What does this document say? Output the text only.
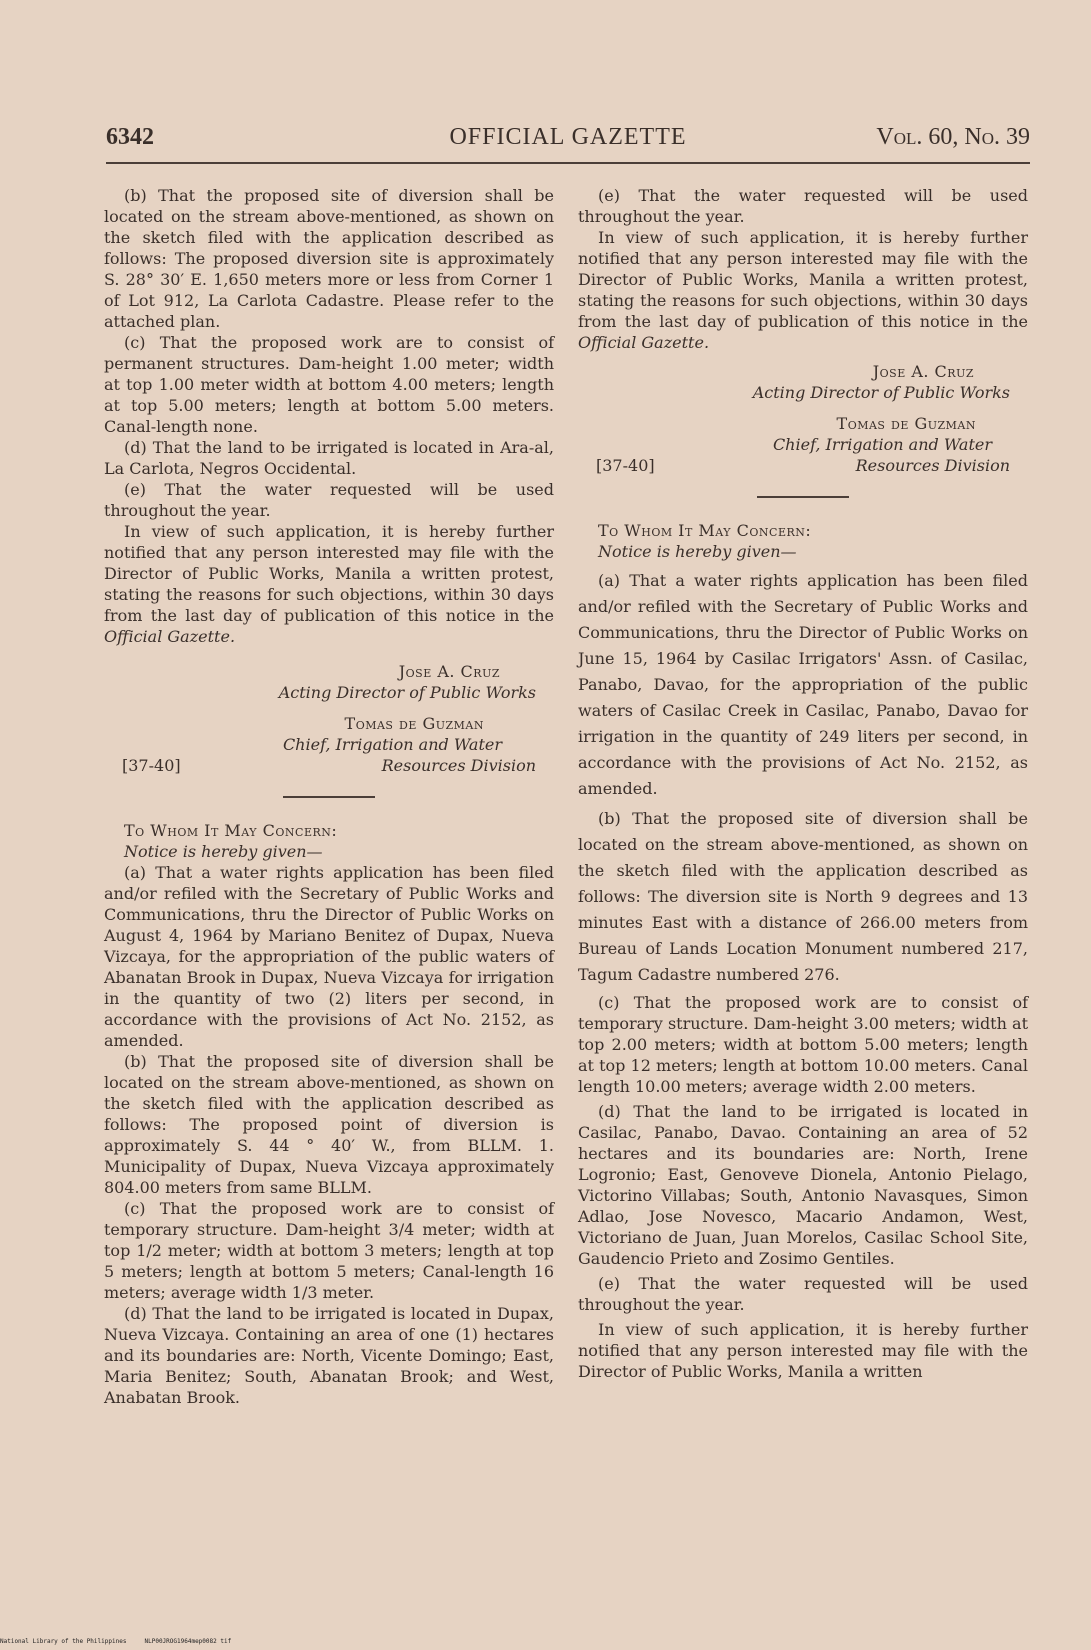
6342	OFFICIAL GAZETTE	Vol. 60, No. 39

(b) That the proposed site of diversion shall be located on the stream above-mentioned, as shown on the sketch filed with the application described as follows: The proposed diversion site is approximately S. 28° 30′ E. 1,650 meters more or less from Corner 1 of Lot 912, La Carlota Cadastre. Please refer to the attached plan.

(c) That the proposed work are to consist of permanent structures. Dam-height 1.00 meter; width at top 1.00 meter width at bottom 4.00 meters; length at top 5.00 meters; length at bottom 5.00 meters. Canal-length none.

(d) That the land to be irrigated is located in Ara-al, La Carlota, Negros Occidental.

(e) That the water requested will be used throughout the year.

In view of such application, it is hereby further notified that any person interested may file with the Director of Public Works, Manila a written protest, stating the reasons for such objections, within 30 days from the last day of publication of this notice in the Official Gazette.

Jose A. Cruz

Acting Director of Public Works

Tomas de Guzman

Chief, Irrigation and Water

Resources Division

[37-40]

To Whom It May Concern:

Notice is hereby given—

(a) That a water rights application has been filed and/or refiled with the Secretary of Public Works and Communications, thru the Director of Public Works on August 4, 1964 by Mariano Benitez of Dupax, Nueva Vizcaya, for the appropriation of the public waters of Abanatan Brook in Dupax, Nueva Vizcaya for irrigation in the quantity of two (2) liters per second, in accordance with the provisions of Act No. 2152, as amended.

(b) That the proposed site of diversion shall be located on the stream above-mentioned, as shown on the sketch filed with the application described as follows: The proposed point of diversion is approximately S. 44 ° 40′ W., from BLLM. 1. Municipality of Dupax, Nueva Vizcaya approximately 804.00 meters from same BLLM.

(c) That the proposed work are to consist of temporary structure. Dam-height 3/4 meter; width at top 1/2 meter; width at bottom 3 meters; length at top 5 meters; length at bottom 5 meters; Canal-length 16 meters; average width 1/3 meter.

(d) That the land to be irrigated is located in Dupax, Nueva Vizcaya. Containing an area of one (1) hectares and its boundaries are: North, Vicente Domingo; East, Maria Benitez; South, Abanatan Brook; and West, Anabatan Brook.

(e) That the water requested will be used throughout the year.

In view of such application, it is hereby further notified that any person interested may file with the Director of Public Works, Manila a written protest, stating the reasons for such objections, within 30 days from the last day of publication of this notice in the Official Gazette.

Jose A. Cruz

Acting Director of Public Works

Tomas de Guzman

Chief, Irrigation and Water

Resources Division

[37-40]

To Whom It May Concern:

Notice is hereby given—

(a) That a water rights application has been filed and/or refiled with the Secretary of Public Works and Communications, thru the Director of Public Works on June 15, 1964 by Casilac Irrigators' Assn. of Casilac, Panabo, Davao, for the appropriation of the public waters of Casilac Creek in Casilac, Panabo, Davao for irrigation in the quantity of 249 liters per second, in accordance with the provisions of Act No. 2152, as amended.

(b) That the proposed site of diversion shall be located on the stream above-mentioned, as shown on the sketch filed with the application described as follows: The diversion site is North 9 degrees and 13 minutes East with a distance of 266.00 meters from Bureau of Lands Location Monument numbered 217, Tagum Cadastre numbered 276.

(c) That the proposed work are to consist of temporary structure. Dam-height 3.00 meters; width at top 2.00 meters; width at bottom 5.00 meters; length at top 12 meters; length at bottom 10.00 meters. Canal length 10.00 meters; average width 2.00 meters.

(d) That the land to be irrigated is located in Casilac, Panabo, Davao. Containing an area of 52 hectares and its boundaries are: North, Irene Logronio; East, Genoveve Dionela, Antonio Pielago, Victorino Villabas; South, Antonio Navasques, Simon Adlao, Jose Novesco, Macario Andamon, West, Victoriano de Juan, Juan Morelos, Casilac School Site, Gaudencio Prieto and Zosimo Gentiles.

(e) That the water requested will be used throughout the year.

In view of such application, it is hereby further notified that any person interested may file with the Director of Public Works, Manila a written

National Library of the Philippines     NLP00JROG1964mep0082 tif
